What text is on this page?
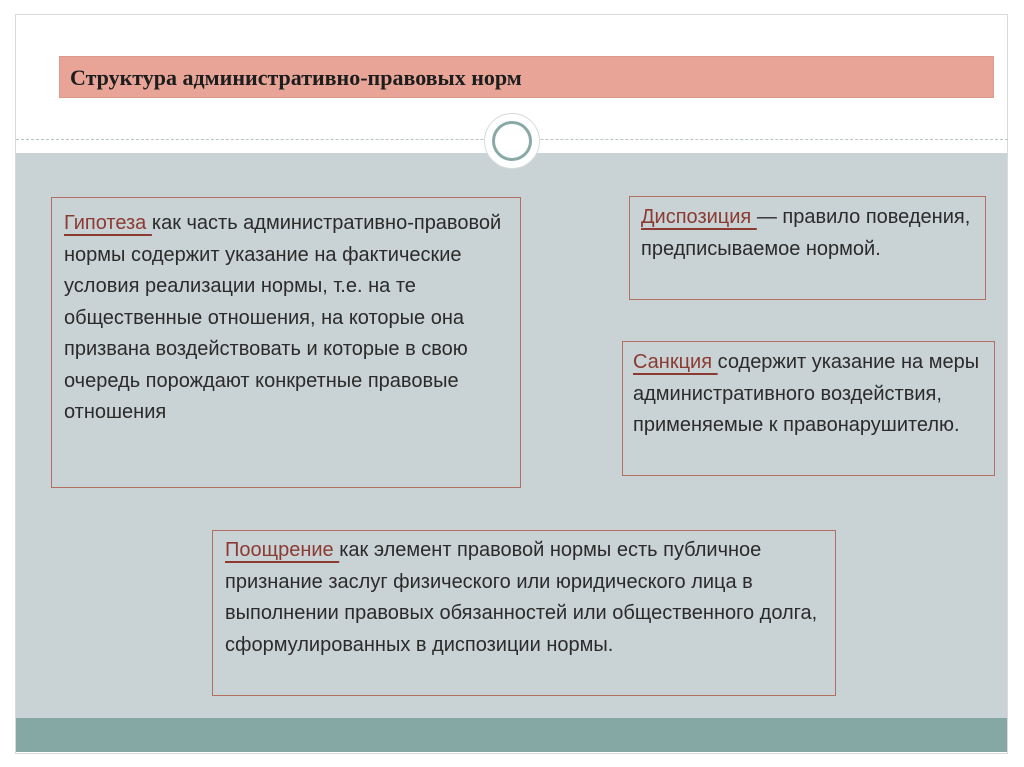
Структура административно-правовых норм
Гипотеза как часть административно-правовой нормы содержит указание на фактические условия реализации нормы, т.е. на те общественные отношения, на которые она призвана воздействовать и которые в свою очередь порождают конкретные правовые отношения
Диспозиция — правило поведения, предписываемое нормой.
Санкция содержит указание на меры административного воздействия, применяемые к правонарушителю.
Поощрение как элемент правовой нормы есть публичное признание заслуг физического или юридического лица в выполнении правовых обязанностей или общественного долга, сформулированных в диспозиции нормы.
